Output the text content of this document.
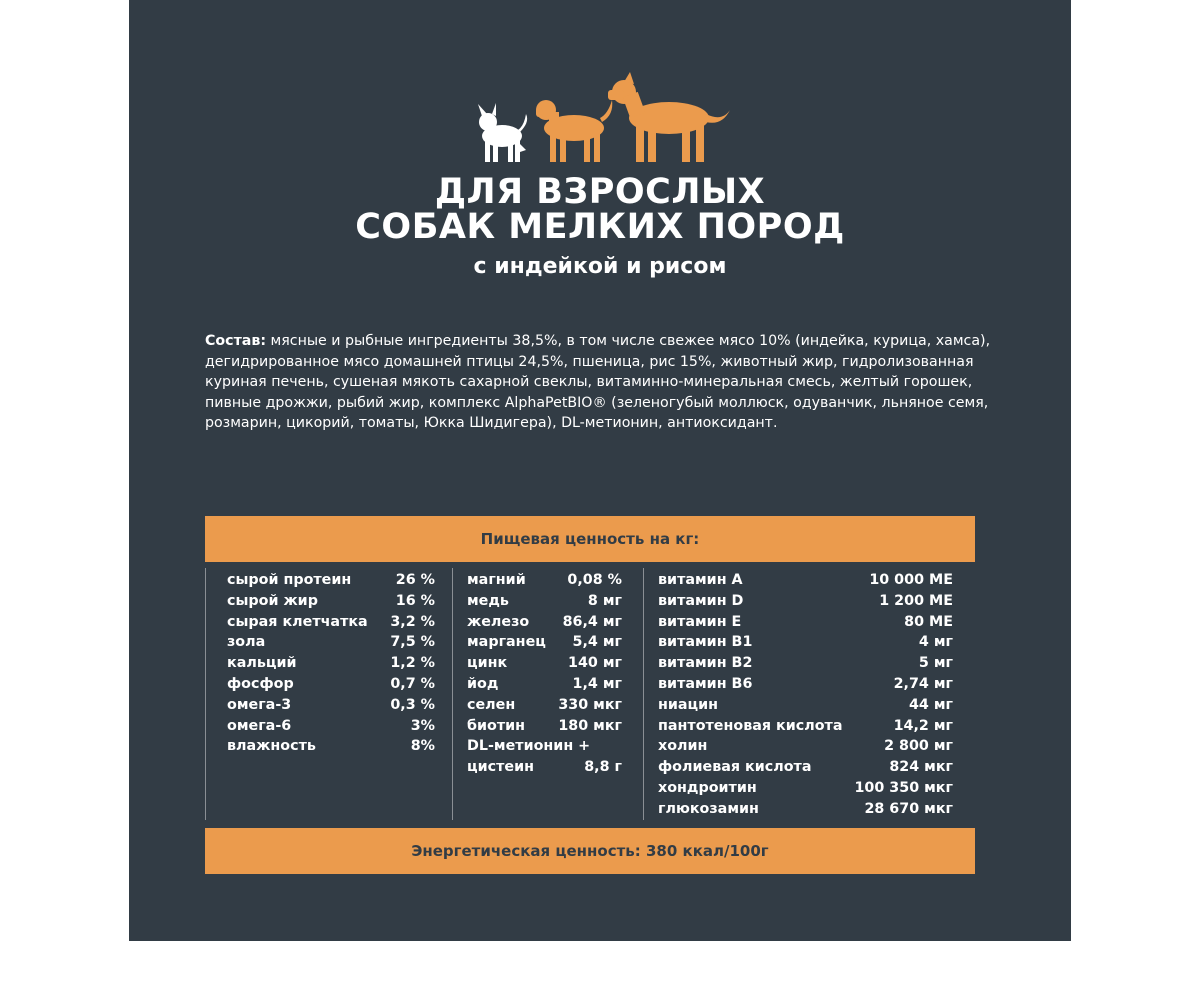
ДЛЯ ВЗРОСЛЫХ
СОБАК МЕЛКИХ ПОРОД
с индейкой и рисом
Состав: мясные и рыбные ингредиенты 38,5%, в том числе свежее мясо 10% (индейка, курица, хамса), дегидрированное мясо домашней птицы 24,5%, пшеница, рис 15%, животный жир, гидролизованная куриная печень, сушеная мякоть сахарной свеклы, витаминно-минеральная смесь, желтый горошек, пивные дрожжи, рыбий жир, комплекс AlphaPetBIO® (зеленогубый моллюск, одуванчик, льняное семя, розмарин, цикорий, томаты, Юкка Шидигера), DL-метионин, антиоксидант.
Пищевая ценность на кг:
сырой протеин	26 %
сырой жир	16 %
сырая клетчатка 3,2 %
зола	7,5 %
кальций	1,2 %
фосфор	0,7 %
омега-3	0,3 %
омега-6	3%
влажность	8%
магний	0,08 %
медь	8 мг
железо 86,4 мг
марганец 5,4 мг
цинк	140 мг
йод	1,4 мг
селен	330 мкг
биотин 180 мкг
DL-метионин +
цистеин	8,8 г
витамин А	10 000 МЕ
витамин D	1 200 МЕ
витамин Е	80 МЕ
витамин В1	4 мг
витамин В2	5 мг
витамин В6	2,74 мг
ниацин	44 мг
пантотеновая кислота	14,2 мг
холин	2 800 мг
фолиевая кислота	824 мкг
хондроитин	100 350 мкг
глюкозамин	28 670 мкг
Энергетическая ценность: 380 ккал/100г
